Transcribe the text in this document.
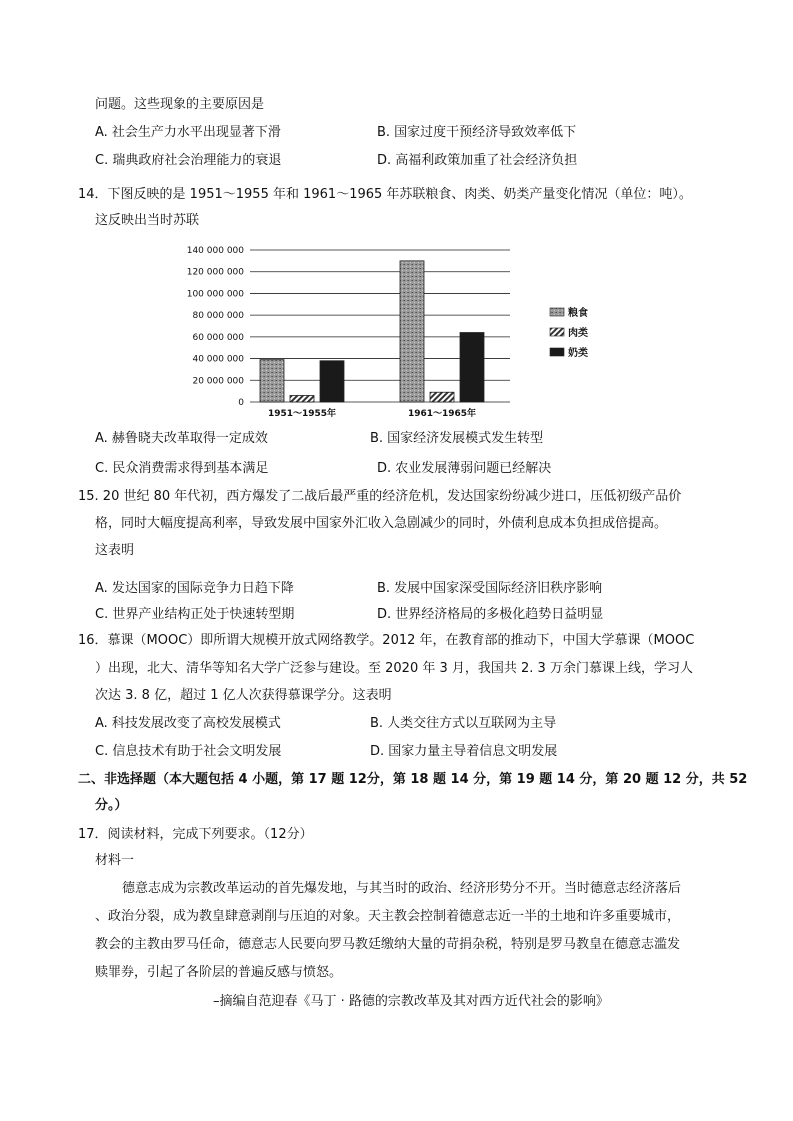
问题。这些现象的主要原因是
A. 社会生产力水平出现显著下滑	B. 国家过度干预经济导致效率低下
C. 瑞典政府社会治理能力的衰退	D. 高福利政策加重了社会经济负担
14．下图反映的是 1951～1955 年和 1961～1965 年苏联粮食、肉类、奶类产量变化情况（单位：吨）。
这反映出当时苏联
0
20 000 000
40 000 000
60 000 000
80 000 000
100 000 000
120 000 000
140 000 000
1951～1955年	1961～1965年
粮食
肉类
奶类
A. 赫鲁晓夫改革取得一定成效	B. 国家经济发展模式发生转型
C. 民众消费需求得到基本满足	D. 农业发展薄弱问题已经解决
15. 20 世纪 80 年代初，西方爆发了二战后最严重的经济危机，发达国家纷纷减少进口，压低初级产品价
格，同时大幅度提高利率，导致发展中国家外汇收入急剧减少的同时，外债利息成本负担成倍提高。
这表明
A. 发达国家的国际竞争力日趋下降	B. 发展中国家深受国际经济旧秩序影响
C. 世界产业结构正处于快速转型期	D. 世界经济格局的多极化趋势日益明显
16．慕课（MOOC）即所谓大规模开放式网络教学。2012 年，在教育部的推动下，中国大学慕课（MOOC
）出现，北大、清华等知名大学广泛参与建设。至 2020 年 3 月，我国共 2. 3 万余门慕课上线，学习人
次达 3. 8 亿，超过 1 亿人次获得慕课学分。这表明
A. 科技发展改变了高校发展模式	B. 人类交往方式以互联网为主导
C. 信息技术有助于社会文明发展	D. 国家力量主导着信息文明发展
二、非选择题（本大题包括 4 小题，第 17 题 12分，第 18 题 14 分，第 19 题 14 分，第 20 题 12 分，共 52
分。）
17．阅读材料，完成下列要求。（12分）
材料一
德意志成为宗教改革运动的首先爆发地，与其当时的政治、经济形势分不开。当时德意志经济落后
、政治分裂，成为教皇肆意剥削与压迫的对象。天主教会控制着德意志近一半的土地和许多重要城市，
教会的主教由罗马任命，德意志人民要向罗马教廷缴纳大量的苛捐杂税，特别是罗马教皇在德意志滥发
赎罪券，引起了各阶层的普遍反感与愤怒。
–摘编自范迎春《马丁 · 路德的宗教改革及其对西方近代社会的影响》
